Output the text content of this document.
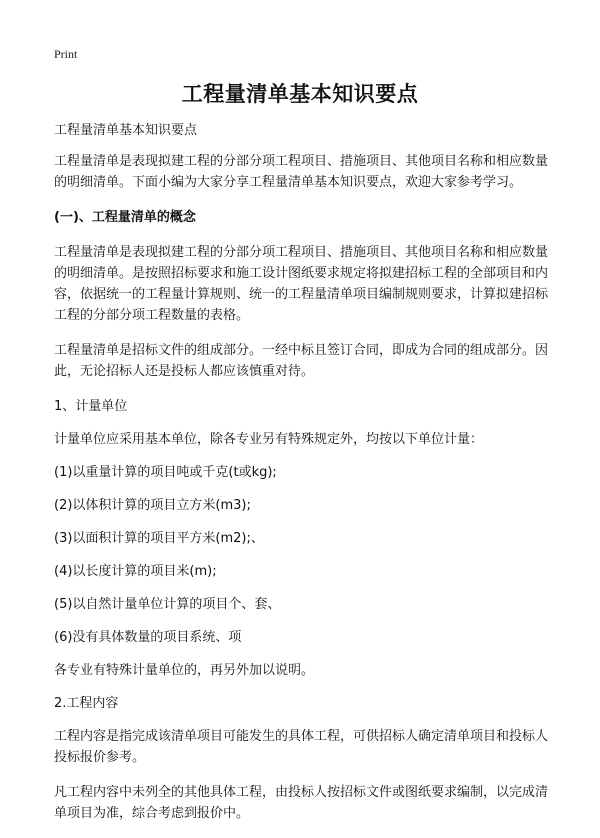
Print
工程量清单基本知识要点

工程量清单基本知识要点

工程量清单是表现拟建工程的分部分项工程项目、措施项目、其他项目名称和相应数量的明细清单。下面小编为大家分享工程量清单基本知识要点，欢迎大家参考学习。

(一)、工程量清单的概念

工程量清单是表现拟建工程的分部分项工程项目、措施项目、其他项目名称和相应数量的明细清单。是按照招标要求和施工设计图纸要求规定将拟建招标工程的全部项目和内容，依据统一的工程量计算规则、统一的工程量清单项目编制规则要求，计算拟建招标工程的分部分项工程数量的表格。

工程量清单是招标文件的组成部分。一经中标且签订合同，即成为合同的组成部分。因此，无论招标人还是投标人都应该慎重对待。

1、计量单位

计量单位应采用基本单位，除各专业另有特殊规定外，均按以下单位计量：

(1)以重量计算的项目吨或千克(t或kg);

(2)以体积计算的项目立方米(m3);

(3)以面积计算的项目平方米(m2);、

(4)以长度计算的项目米(m);

(5)以自然计量单位计算的项目个、套、

(6)没有具体数量的项目系统、项

各专业有特殊计量单位的，再另外加以说明。

2.工程内容

工程内容是指完成该清单项目可能发生的具体工程，可供招标人确定清单项目和投标人投标报价参考。

凡工程内容中未列全的其他具体工程，由投标人按招标文件或图纸要求编制，以完成清单项目为准，综合考虑到报价中。
